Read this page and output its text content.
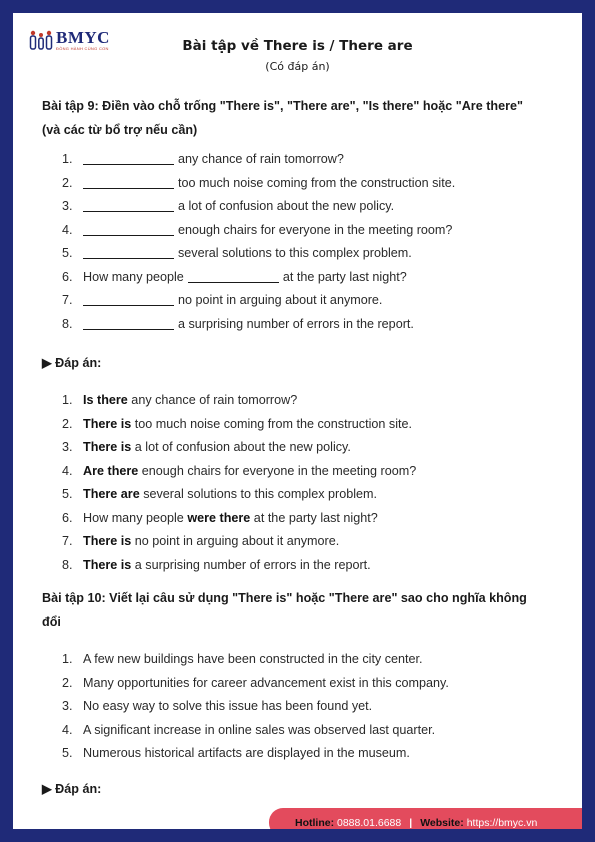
BMYC
ĐỒNG HÀNH CÙNG CON	Bài tập về There is / There are
(Có đáp án)
Bài tập 9: Điền vào chỗ trống "There is", "There are", "Is there" hoặc "Are there" (và các từ bổ trợ nếu cần)
1.	any chance of rain tomorrow?
2.	too much noise coming from the construction site.
3.	a lot of confusion about the new policy.
4.	enough chairs for everyone in the meeting room?
5.	several solutions to this complex problem.
6. How many people	at the party last night?
7.	no point in arguing about it anymore.
8.	a surprising number of errors in the report.
▶ Đáp án:
1. Is there any chance of rain tomorrow?
2. There is too much noise coming from the construction site.
3. There is a lot of confusion about the new policy.
4. Are there enough chairs for everyone in the meeting room?
5. There are several solutions to this complex problem.
6. How many people were there at the party last night?
7. There is no point in arguing about it anymore.
8. There is a surprising number of errors in the report.
Bài tập 10: Viết lại câu sử dụng "There is" hoặc "There are" sao cho nghĩa không đổi
1. A few new buildings have been constructed in the city center.
2. Many opportunities for career advancement exist in this company.
3. No easy way to solve this issue has been found yet.
4. A significant increase in online sales was observed last quarter.
5. Numerous historical artifacts are displayed in the museum.
▶ Đáp án:
Hotline:
0888.01.6688 | Website:
https://bmyc.vn
